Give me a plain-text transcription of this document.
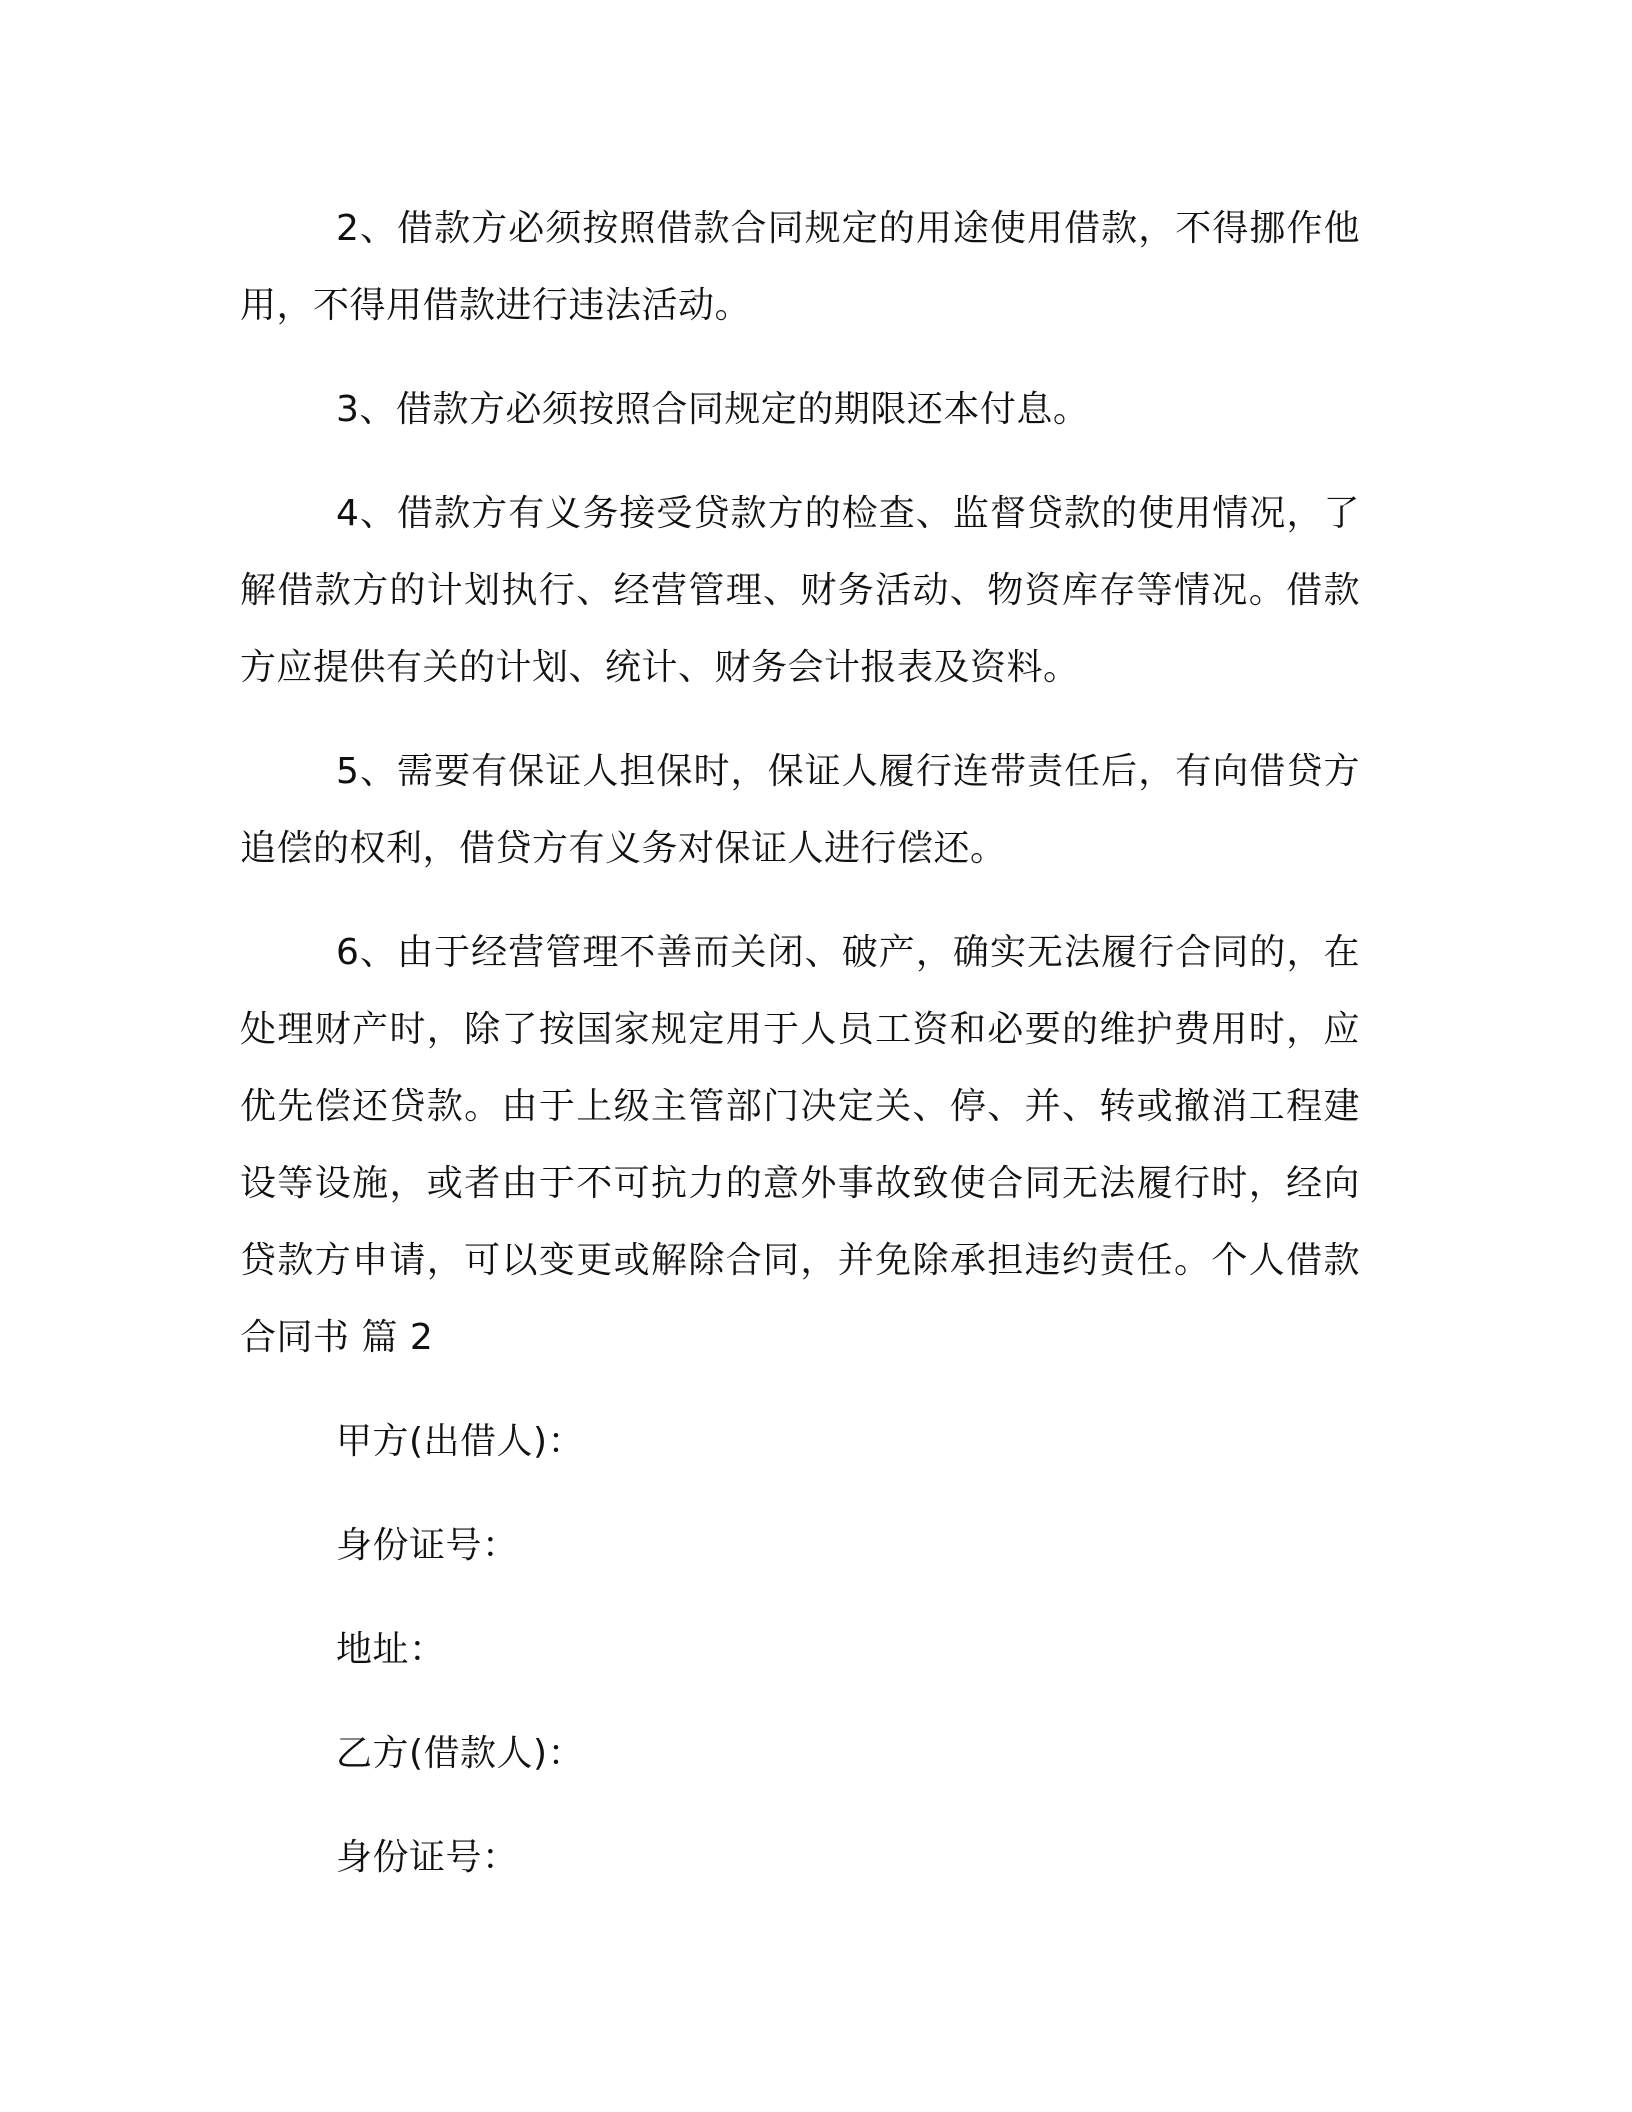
2、借款方必须按照借款合同规定的用途使用借款，不得挪作他用，不得用借款进行违法活动。

3、借款方必须按照合同规定的期限还本付息。

4、借款方有义务接受贷款方的检查、监督贷款的使用情况，了解借款方的计划执行、经营管理、财务活动、物资库存等情况。借款方应提供有关的计划、统计、财务会计报表及资料。

5、需要有保证人担保时，保证人履行连带责任后，有向借贷方追偿的权利，借贷方有义务对保证人进行偿还。

6、由于经营管理不善而关闭、破产，确实无法履行合同的，在处理财产时，除了按国家规定用于人员工资和必要的维护费用时，应优先偿还贷款。由于上级主管部门决定关、停、并、转或撤消工程建设等设施，或者由于不可抗力的意外事故致使合同无法履行时，经向贷款方申请，可以变更或解除合同，并免除承担违约责任。个人借款合同书 篇 2

甲方(出借人)：

身份证号：

地址：

乙方(借款人)：

身份证号：
